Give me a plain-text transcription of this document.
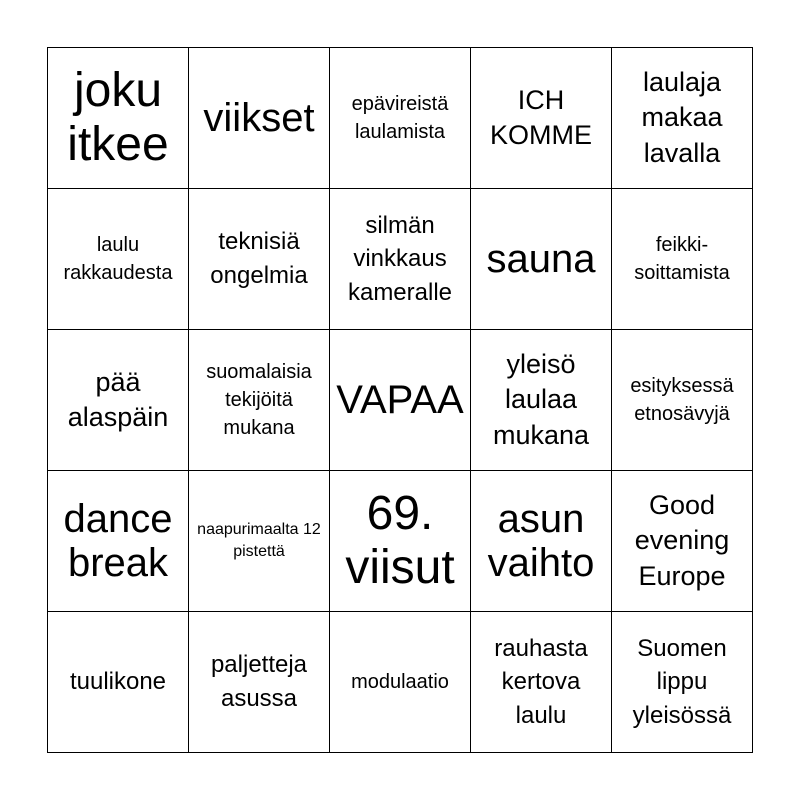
joku itkee viikset	epävireistä laulamista
ICH KOMME
laulaja makaa lavalla
laulu rakkaudesta
teknisiä ongelmia
silmän vinkkaus kameralle
sauna	feikki-soittamista
pää alaspäin
suomalaisia tekijöitä mukana
VAPAA
yleisö laulaa mukana
esityksessä etnosävyjä
dance break
naapurimaalta 12 pistettä
69. viisut
asun vaihto
Good evening Europe
tuulikone
paljetteja asussa
modulaatio
rauhasta kertova laulu
Suomen lippu yleisössä
